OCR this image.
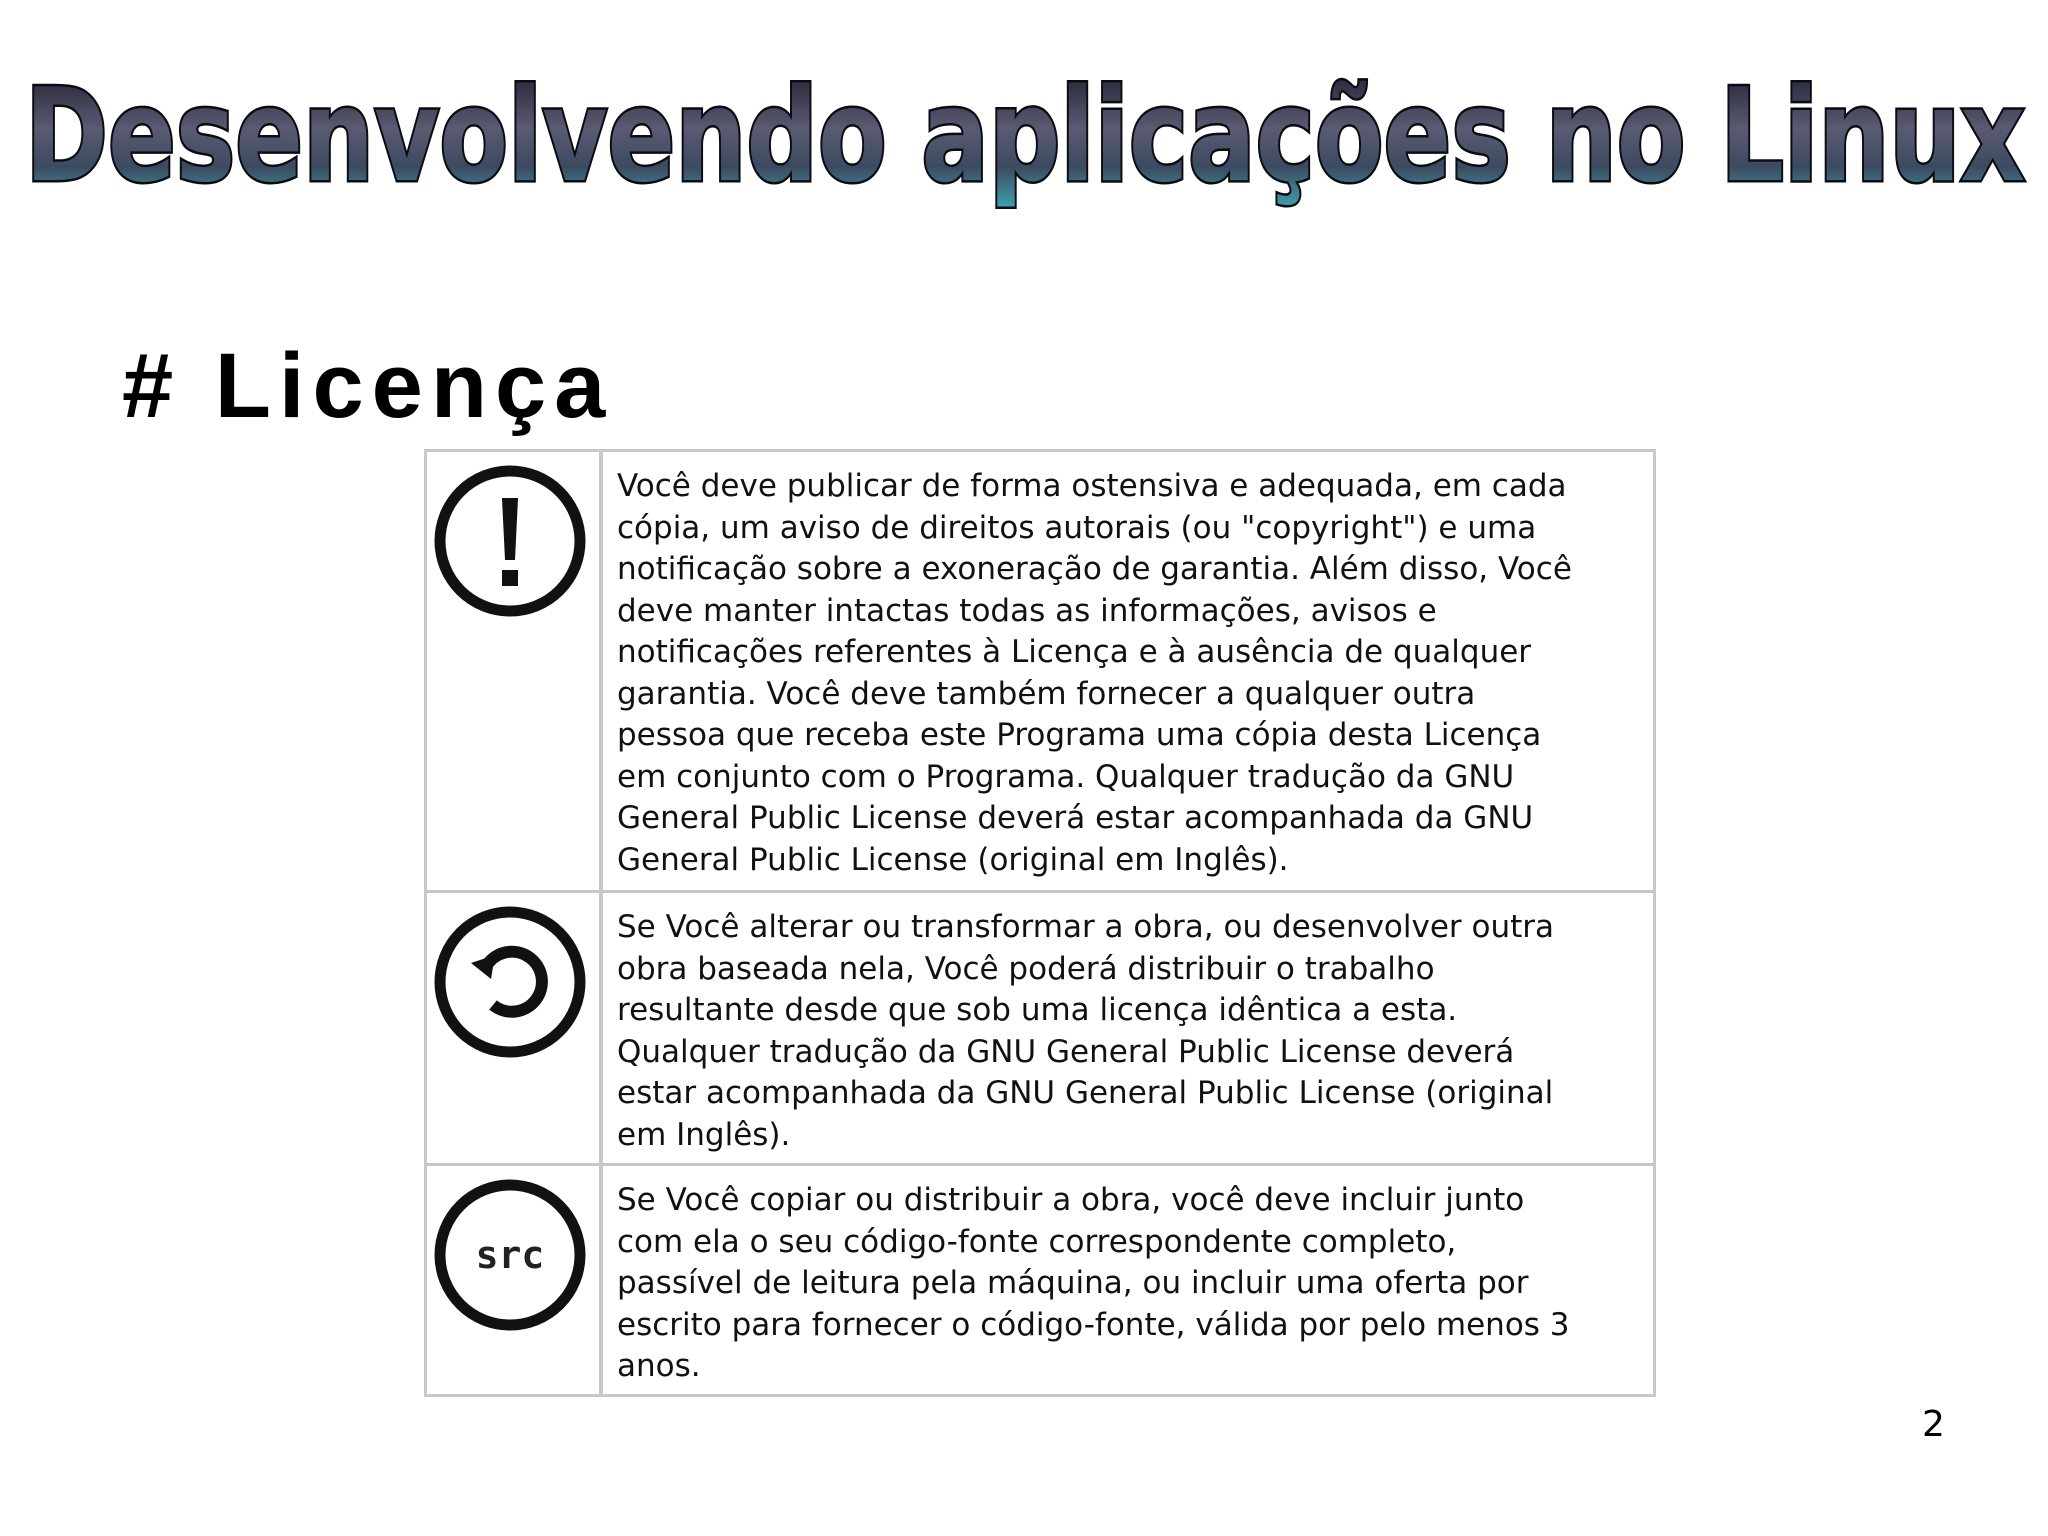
Desenvolvendo aplicações no Linux
# Licença
Você deve publicar de forma ostensiva e adequada, em cada
cópia, um aviso de direitos autorais (ou "copyright") e uma
notificação sobre a exoneração de garantia. Além disso, Você
deve manter intactas todas as informações, avisos e
notificações referentes à Licença e à ausência de qualquer
garantia. Você deve também fornecer a qualquer outra
pessoa que receba este Programa uma cópia desta Licença
em conjunto com o Programa. Qualquer tradução da GNU
General Public License deverá estar acompanhada da GNU
General Public License (original em Inglês).
Se Você alterar ou transformar a obra, ou desenvolver outra
obra baseada nela, Você poderá distribuir o trabalho
resultante desde que sob uma licença idêntica a esta.
Qualquer tradução da GNU General Public License deverá
estar acompanhada da GNU General Public License (original
em Inglês).
src
Se Você copiar ou distribuir a obra, você deve incluir junto
com ela o seu código-fonte correspondente completo,
passível de leitura pela máquina, ou incluir uma oferta por
escrito para fornecer o código-fonte, válida por pelo menos 3
anos.
2
